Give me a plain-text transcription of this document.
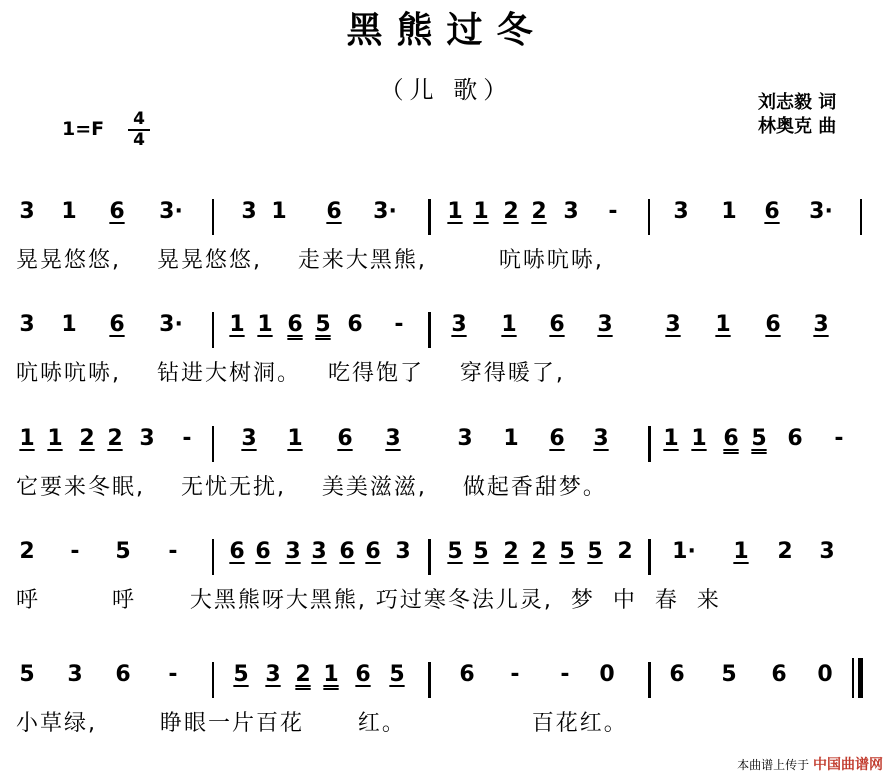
黑熊过冬
（儿 歌）	刘志毅 词
林奥克 曲
1=F 4
4
3 1 6 3·	3 1 6 3· 1 1 2 2 3 -	3 1 6 3·
晃晃悠悠,    晃晃悠悠,    走来大黑熊,        吭哧吭哧,
3 1 6 3· 1 1 6 5 6 - 3 1 6 3 3 1 6 3
吭哧吭哧,    钻进大树洞。   吃得饱了    穿得暖了,
1 1 2 2 3 - 3 1 6 3	3 1 6 3 1 1 6 5 6 -
它要来冬眠,    无忧无扰,    美美滋滋,    做起香甜梦。
2 - 5 - 6 6 3 3 6 6 3 5 5 2 2 5 5 2 1· 1 2 3
呼        呼      大黑熊呀大黑熊, 巧过寒冬法儿灵,  梦  中  春  来
5 3 6 -	5 3 2 1 6 5 6 - - 0 6 5 6 0
小草绿,       睁眼一片百花      红。              百花红。
本曲谱上传于 中国曲谱网
